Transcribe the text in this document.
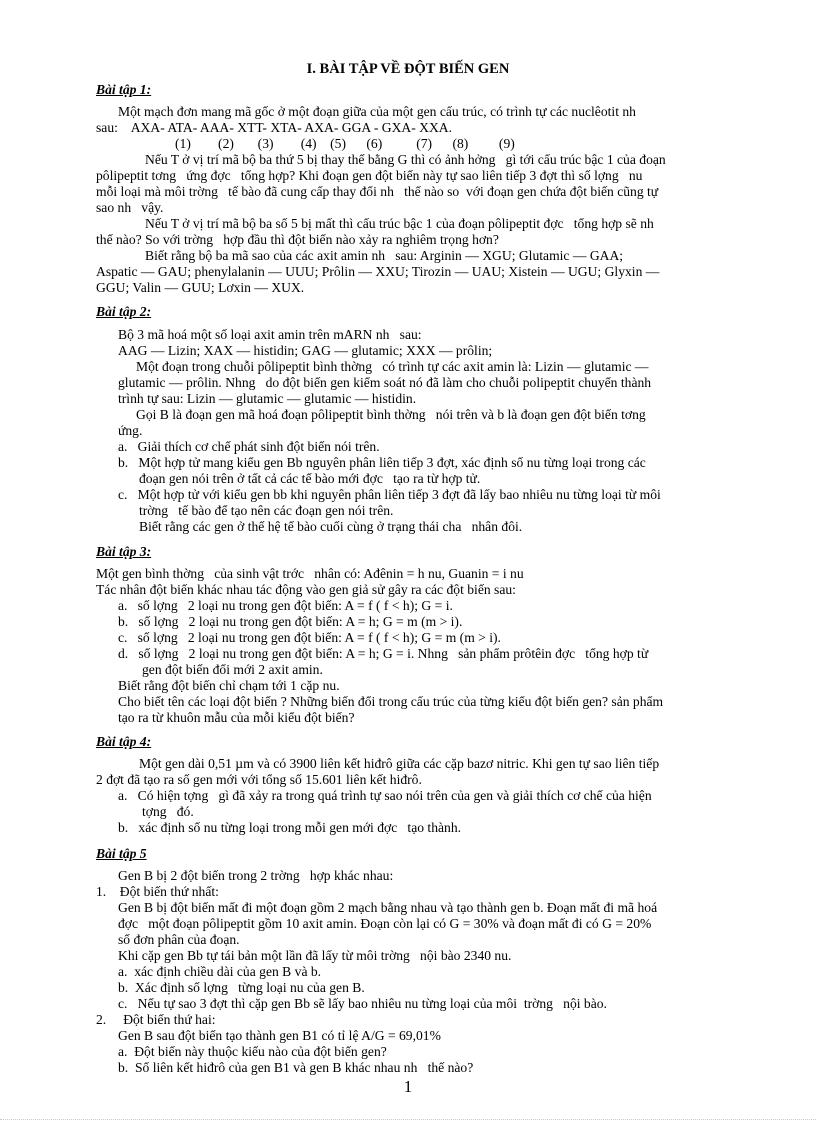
I. BÀI TẬP VỀ ĐỘT BIẾN GEN
Bài tập 1:
Một mạch đơn mang mã gốc ở một đoạn giữa của một gen cấu trúc, có trình tự các nuclêotit nh
sau:    AXA- ATA- AAA- XTT- XTA- AXA- GGA - GXA- XXA.
(1)        (2)       (3)        (4)    (5)      (6)          (7)      (8)         (9)
Nếu T ở vị trí mã bộ ba thứ 5 bị thay thế bằng G thì có ảnh hởng   gì tới cấu trúc bậc 1 của đoạn
pôlipeptit tơng   ứng đợc   tổng hợp? Khi đoạn gen đột biến này tự sao liên tiếp 3 đợt thì số lợng   nu
mỗi loại mà môi trờng   tế bào đã cung cấp thay đổi nh   thế nào so  với đoạn gen chứa đột biến cũng tự
sao nh   vậy.
Nếu T ở vị trí mã bộ ba số 5 bị mất thì cấu trúc bậc 1 của đoạn pôlipeptit đợc   tổng hợp sẽ nh
thế nào? So với trờng   hợp đầu thì đột biến nào xảy ra nghiêm trọng hơn?
Biết rằng bộ ba mã sao của các axit amin nh   sau: Arginin — XGU; Glutamic — GAA;
Aspatic — GAU; phenylalanin — UUU; Prôlin — XXU; Tirozin — UAU; Xistein — UGU; Glyxin —
GGU; Valin — GUU; Lơxin — XUX.
Bài tập 2:
Bộ 3 mã hoá một số loại axit amin trên mARN nh   sau:
AAG — Lizin; XAX — histidin; GAG — glutamic; XXX — prôlin;
Một đoạn trong chuỗi pôlipeptit bình thờng   có trình tự các axit amin là: Lizin — glutamic —
glutamic — prôlin. Nhng   do đột biến gen kiểm soát nó đã làm cho chuỗi polipeptit chuyển thành
trình tự sau: Lizin — glutamic — glutamic — histidin.
Gọi B là đoạn gen mã hoá đoạn pôlipeptit bình thờng   nói trên và b là đoạn gen đột biến tơng
ứng.
a.   Giải thích cơ chế phát sinh đột biến nói trên.
b.   Một hợp tử mang kiểu gen Bb nguyên phân liên tiếp 3 đợt, xác định số nu từng loại trong các
đoạn gen nói trên ở tất cả các tế bào mới đợc   tạo ra từ hợp tử.
c.   Một hợp tử với kiểu gen bb khi nguyên phân liên tiếp 3 đợt đã lấy bao nhiêu nu từng loại từ môi
trờng   tế bào để tạo nên các đoạn gen nói trên.
Biết rằng các gen ở thế hệ tế bào cuối cùng ở trạng thái cha   nhân đôi.
Bài tập 3:
Một gen bình thờng   của sinh vật trớc   nhân có: Ađênin = h nu, Guanin = i nu
Tác nhân đột biến khác nhau tác động vào gen giả sử gây ra các đột biến sau:
a.   số lợng   2 loại nu trong gen đột biến: A = f ( f < h); G = i.
b.   số lợng   2 loại nu trong gen đột biến: A = h; G = m (m > i).
c.   số lợng   2 loại nu trong gen đột biến: A = f ( f < h); G = m (m > i).
d.   số lợng   2 loại nu trong gen đột biến: A = h; G = i. Nhng   sản phẩm prôtêin đợc   tổng hợp từ
gen đột biến đổi mới 2 axit amin.
Biết rằng đột biến chỉ chạm tới 1 cặp nu.
Cho biết tên các loại đột biến ? Những biến đổi trong cấu trúc của từng kiểu đột biến gen? sản phẩm
tạo ra từ khuôn mẫu của mỗi kiểu đột biến?
Bài tập 4:
Một gen dài 0,51 µm và có 3900 liên kết hiđrô giữa các cặp bazơ nitric. Khi gen tự sao liên tiếp
2 đợt đã tạo ra số gen mới với tổng số 15.601 liên kết hiđrô.
a.   Có hiện tợng   gì đã xảy ra trong quá trình tự sao nói trên của gen và giải thích cơ chế của hiện
tợng   đó.
b.   xác định số nu từng loại trong mỗi gen mới đợc   tạo thành.
Bài tập 5
Gen B bị 2 đột biến trong 2 trờng   hợp khác nhau:
1.    Đột biến thứ nhất:
Gen B bị đột biến mất đi một đoạn gồm 2 mạch bằng nhau và tạo thành gen b. Đoạn mất đi mã hoá
đợc   một đoạn pôlipeptit gồm 10 axit amin. Đoạn còn lại có G = 30% và đoạn mất đi có G = 20%
số đơn phân của đoạn.
Khi cặp gen Bb tự tái bản một lần đã lấy từ môi trờng   nội bào 2340 nu.
a.  xác định chiều dài của gen B và b.
b.  Xác định số lợng   từng loại nu của gen B.
c.   Nếu tự sao 3 đợt thì cặp gen Bb sẽ lấy bao nhiêu nu từng loại của môi  trờng   nội bào.
2.     Đột biến thứ hai:
Gen B sau đột biến tạo thành gen B1 có tỉ lệ A/G = 69,01%
a.  Đột biến này thuộc kiểu nào của đột biến gen?
b.  Số liên kết hiđrô của gen B1 và gen B khác nhau nh   thế nào?
1
